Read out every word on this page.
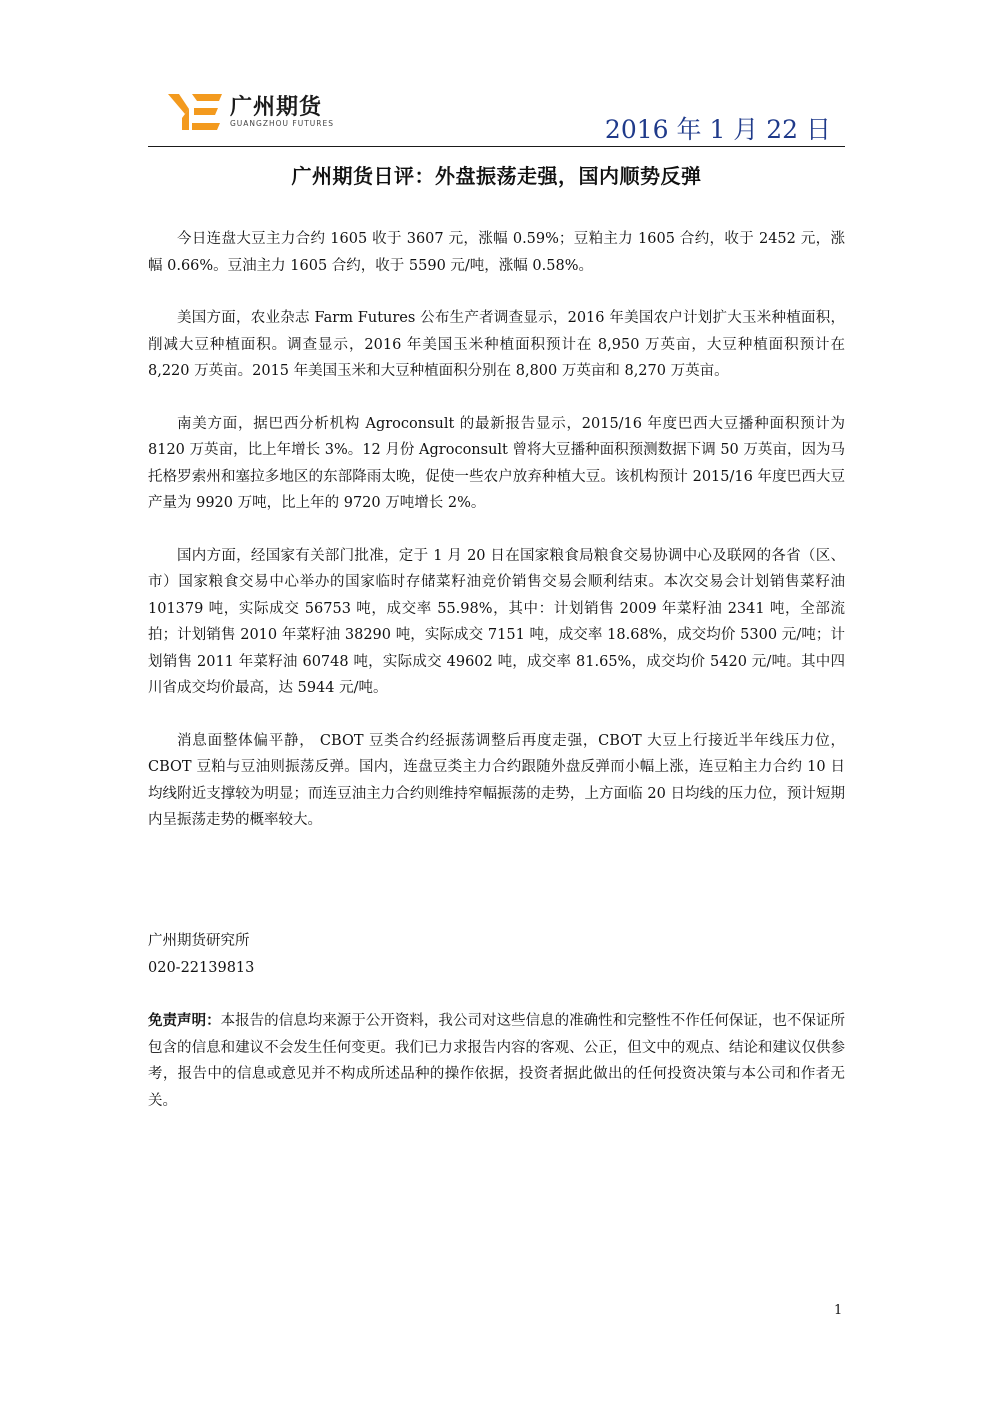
广州期货
GUANGZHOU FUTURES	2016 年 1 月 22 日
广州期货日评：外盘振荡走强，国内顺势反弹

今日连盘大豆主力合约 1605 收于 3607 元，涨幅 0.59%；豆粕主力 1605 合约，收于 2452 元，涨幅 0.66%。豆油主力 1605 合约，收于 5590 元/吨，涨幅 0.58%。

美国方面，农业杂志 Farm Futures 公布生产者调查显示，2016 年美国农户计划扩大玉米种植面积，削减大豆种植面积。调查显示，2016 年美国玉米种植面积预计在 8,950 万英亩，大豆种植面积预计在 8,220 万英亩。2015 年美国玉米和大豆种植面积分别在 8,800 万英亩和 8,270 万英亩。

南美方面，据巴西分析机构 Agroconsult 的最新报告显示，2015/16 年度巴西大豆播种面积预计为 8120 万英亩，比上年增长 3%。12 月份 Agroconsult 曾将大豆播种面积预测数据下调 50 万英亩，因为马托格罗索州和塞拉多地区的东部降雨太晚，促使一些农户放弃种植大豆。该机构预计 2015/16 年度巴西大豆产量为 9920 万吨，比上年的 9720 万吨增长 2%。

国内方面，经国家有关部门批准，定于 1 月 20 日在国家粮食局粮食交易协调中心及联网的各省（区、市）国家粮食交易中心举办的国家临时存储菜籽油竞价销售交易会顺利结束。本次交易会计划销售菜籽油 101379 吨，实际成交 56753 吨，成交率 55.98%，其中：计划销售 2009 年菜籽油 2341 吨，全部流拍；计划销售 2010 年菜籽油 38290 吨，实际成交 7151 吨，成交率 18.68%，成交均价 5300 元/吨；计划销售 2011 年菜籽油 60748 吨，实际成交 49602 吨，成交率 81.65%，成交均价 5420 元/吨。其中四川省成交均价最高，达 5944 元/吨。

消息面整体偏平静， CBOT 豆类合约经振荡调整后再度走强，CBOT 大豆上行接近半年线压力位，CBOT 豆粕与豆油则振荡反弹。国内，连盘豆类主力合约跟随外盘反弹而小幅上涨，连豆粕主力合约 10 日均线附近支撑较为明显；而连豆油主力合约则维持窄幅振荡的走势，上方面临 20 日均线的压力位，预计短期内呈振荡走势的概率较大。

广州期货研究所
020-22139813

免责声明：本报告的信息均来源于公开资料，我公司对这些信息的准确性和完整性不作任何保证，也不保证所包含的信息和建议不会发生任何变更。我们已力求报告内容的客观、公正，但文中的观点、结论和建议仅供参考，报告中的信息或意见并不构成所述品种的操作依据，投资者据此做出的任何投资决策与本公司和作者无关。

1
